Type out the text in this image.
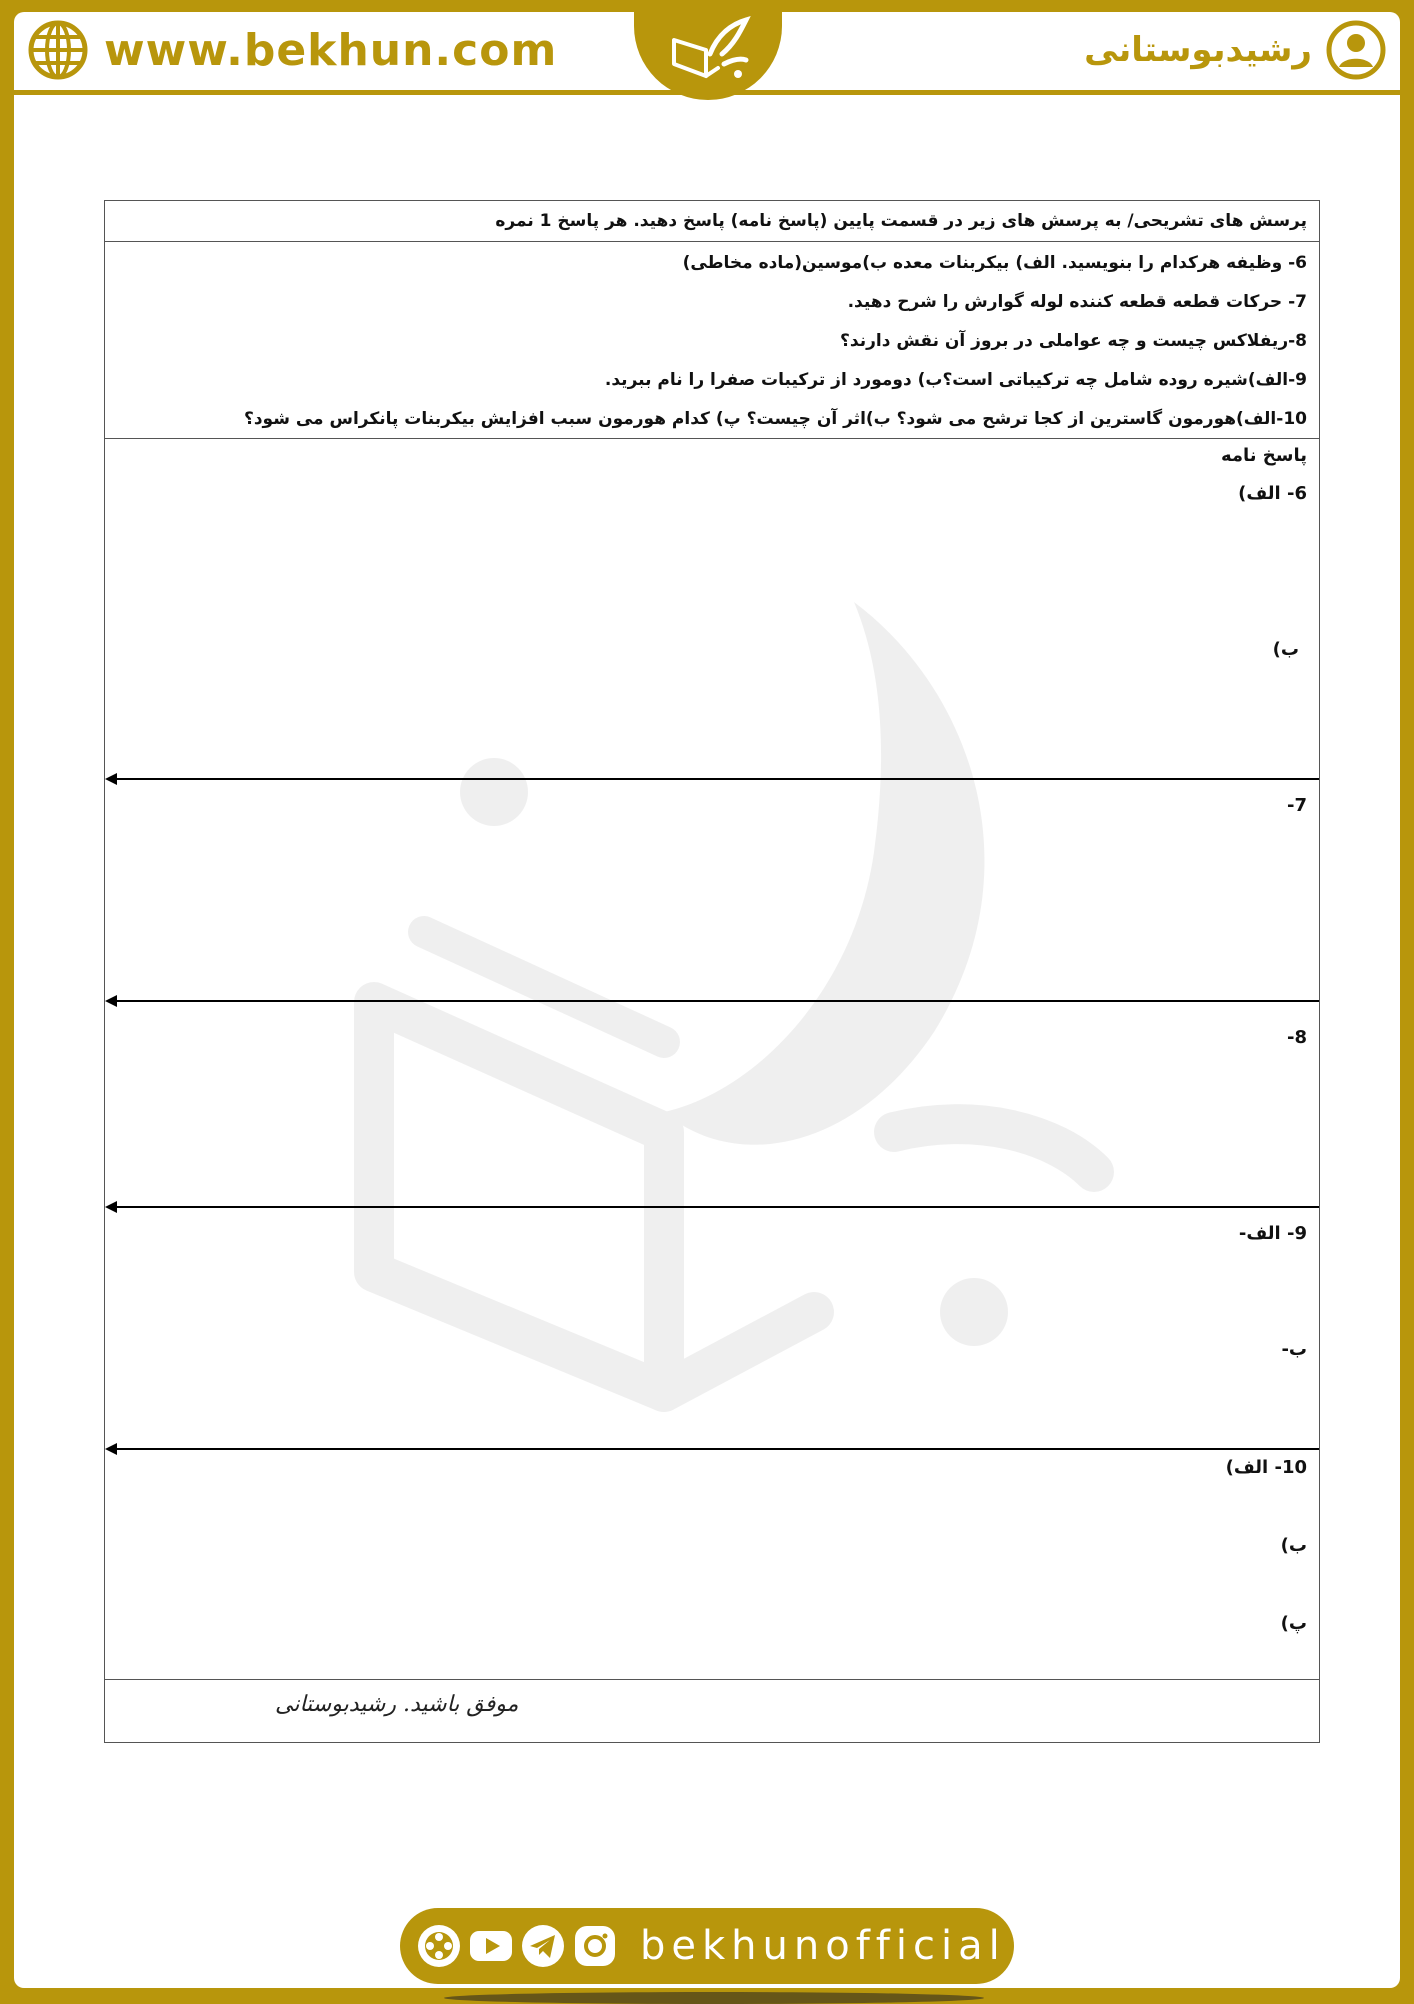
www.bekhun.com	رشیدبوستانی
پرسش های تشریحی/ به پرسش های زیر در قسمت پایین (پاسخ نامه) پاسخ دهید. هر پاسخ 1 نمره
6- وظیفه هرکدام را بنویسید. الف) بیکربنات معده ب)موسین(ماده مخاطی)
7- حرکات قطعه قطعه کننده لوله گوارش را شرح دهید.
8-ریفلاکس چیست و چه عواملی در بروز آن نقش دارند؟
9-الف)شیره روده شامل چه ترکیباتی است؟ب) دومورد از ترکیبات صفرا را نام ببرید.
10-الف)هورمون گاسترین از کجا ترشح می شود؟ ب)اثر آن چیست؟ پ) کدام هورمون سبب افزایش بیکربنات پانکراس می شود؟
پاسخ نامه
6- الف)
ب)
7-
8-
9- الف-
ب-
10- الف)
ب)
پ)
موفق باشید. رشیدبوستانی
bekhunofficial
